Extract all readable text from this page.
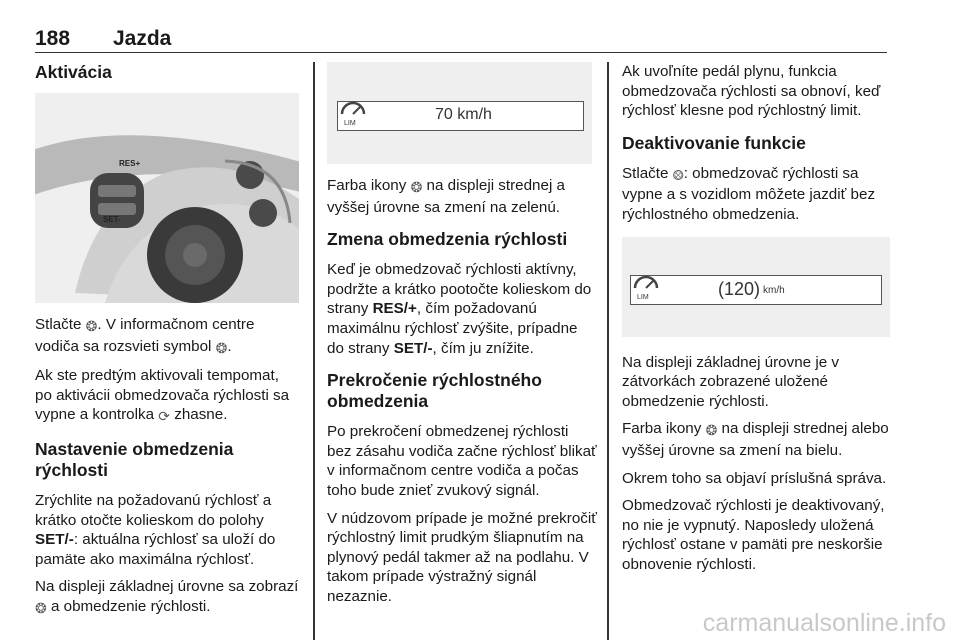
188 Jazda
Aktivácia
RES+
SET-

Stlačte ❂. V informačnom centre vodiča sa rozsvieti symbol ❂.

Ak ste predtým aktivovali tempomat, po aktivácii obmedzovača rýchlosti sa vypne a kontrolka ⟳ zhasne.

Nastavenie obmedzenia rýchlosti

Zrýchlite na požadovanú rýchlosť a krátko otočte kolieskom do polohy SET/-: aktuálna rýchlosť sa uloží do pamäte ako maximálna rýchlosť.

Na displeji základnej úrovne sa zobrazí ❂ a obmedzenie rýchlosti.

LIM
70 km/h

Farba ikony ❂ na displeji strednej a vyššej úrovne sa zmení na zelenú.

Zmena obmedzenia rýchlosti

Keď je obmedzovač rýchlosti aktívny, podržte a krátko pootočte kolieskom do strany RES/+, čím požadovanú maximálnu rýchlosť zvýšite, prípadne do strany SET/-, čím ju znížite.

Prekročenie rýchlostného obmedzenia

Po prekročení obmedzenej rýchlosti bez zásahu vodiča začne rýchlosť blikať v informačnom centre vodiča a počas toho bude znieť zvukový signál.

V núdzovom prípade je možné prekročiť rýchlostný limit prudkým šliapnutím na plynový pedál takmer až na podlahu. V takom prípade výstražný signál nezaznie.

Ak uvoľníte pedál plynu, funkcia obmedzovača rýchlosti sa obnoví, keď rýchlosť klesne pod rýchlostný limit.

Deaktivovanie funkcie

Stlačte ⨷: obmedzovač rýchlosti sa vypne a s vozidlom môžete jazdiť bez rýchlostného obmedzenia.

LIM	(120) km/h

Na displeji základnej úrovne je v zátvorkách zobrazené uložené obmedzenie rýchlosti.

Farba ikony ❂ na displeji strednej alebo vyššej úrovne sa zmení na bielu.

Okrem toho sa objaví príslušná správa.

Obmedzovač rýchlosti je deaktivovaný, no nie je vypnutý. Naposledy uložená rýchlosť ostane v pamäti pre neskoršie obnovenie rýchlosti.

carmanualsonline.info
